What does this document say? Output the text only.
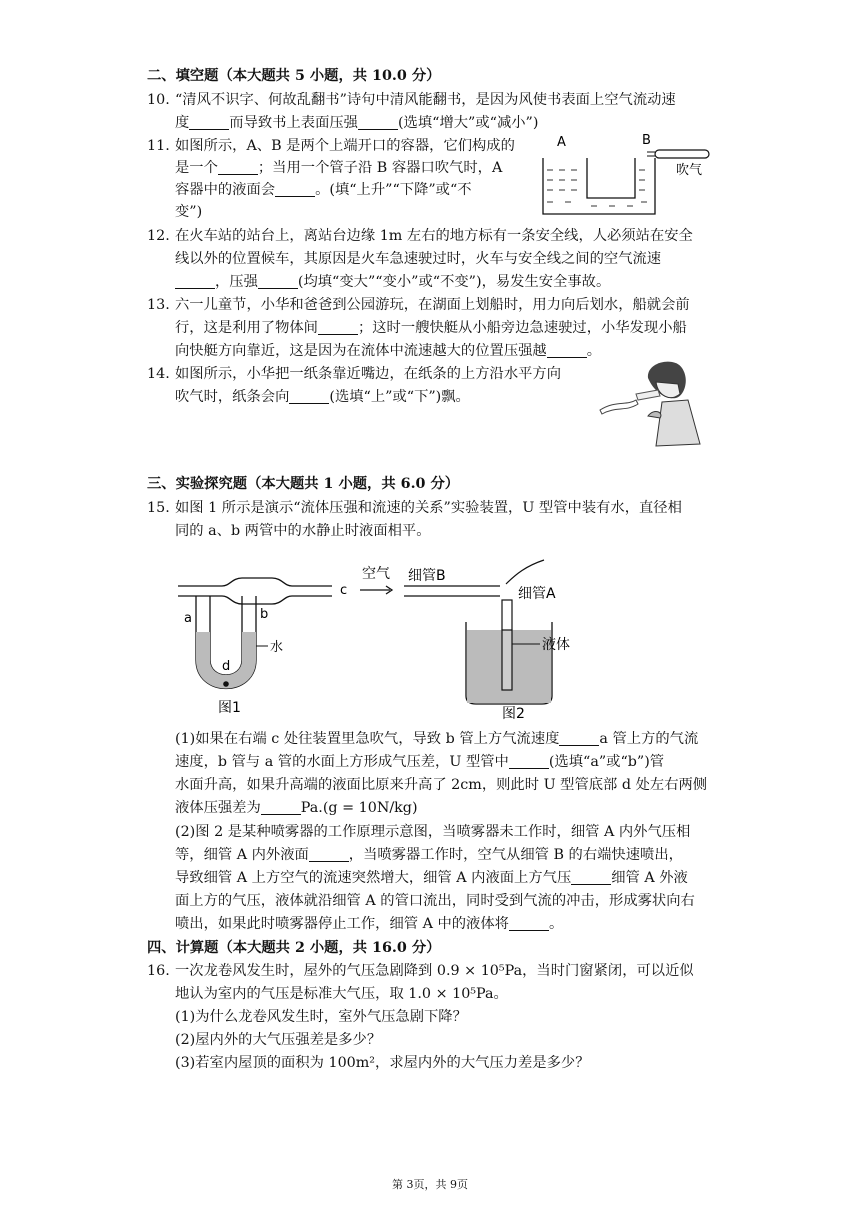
二、填空题（本大题共 5 小题，共 10.0 分）
10. “清风不识字、何故乱翻书”诗句中清风能翻书，是因为风使书表面上空气流动速
度	而导致书上表面压强	(选填“增大”或“减小”)
11. 如图所示，A、B 是两个上端开口的容器，它们构成的
是一个	；当用一个管子沿 B 容器口吹气时，A
容器中的液面会	。(填“上升”“下降”或“不
变”)
A	B
吹气
12. 在火车站的站台上，离站台边缘 1m 左右的地方标有一条安全线，人必须站在安全
线以外的位置候车，其原因是火车急速驶过时，火车与安全线之间的空气流速
，压强	(均填“变大”“变小”或“不变”)，易发生安全事故。
13. 六一儿童节，小华和爸爸到公园游玩，在湖面上划船时，用力向后划水，船就会前
行，这是利用了物体间	；这时一艘快艇从小船旁边急速驶过，小华发现小船
向快艇方向靠近，这是因为在流体中流速越大的位置压强越	。
14. 如图所示，小华把一纸条靠近嘴边，在纸条的上方沿水平方向
吹气时，纸条会向	(选填“上”或“下”)飘。
三、实验探究题（本大题共 1 小题，共 6.0 分）
15. 如图 1 所示是演示“流体压强和流速的关系”实验装置，U 型管中装有水，直径相
同的 a、b 两管中的水静止时液面相平。
a	b
c
d
水
图1
空气 细管B
细管A
液体
图2
(1)如果在右端 c 处往装置里急吹气，导致 b 管上方气流速度	a 管上方的气流
速度，b 管与 a 管的水面上方形成气压差，U 型管中	(选填“a”或“b”)管
水面升高，如果升高端的液面比原来升高了 2cm，则此时 U 型管底部 d 处左右两侧
液体压强差为	Pa.(g = 10N/kg)
(2)图 2 是某种喷雾器的工作原理示意图，当喷雾器未工作时，细管 A 内外气压相
等，细管 A 内外液面	，当喷雾器工作时，空气从细管 B 的右端快速喷出，
导致细管 A 上方空气的流速突然增大，细管 A 内液面上方气压	细管 A 外液
面上方的气压，液体就沿细管 A 的管口流出，同时受到气流的冲击，形成雾状向右
喷出，如果此时喷雾器停止工作，细管 A 中的液体将	。
四、计算题（本大题共 2 小题，共 16.0 分）
16. 一次龙卷风发生时，屋外的气压急剧降到 0.9 × 10⁵Pa，当时门窗紧闭，可以近似
地认为室内的气压是标准大气压，取 1.0 × 10⁵Pa。
(1)为什么龙卷风发生时，室外气压急剧下降？
(2)屋内外的大气压强差是多少？
(3)若室内屋顶的面积为 100m²，求屋内外的大气压力差是多少？
第 3页，共 9页
